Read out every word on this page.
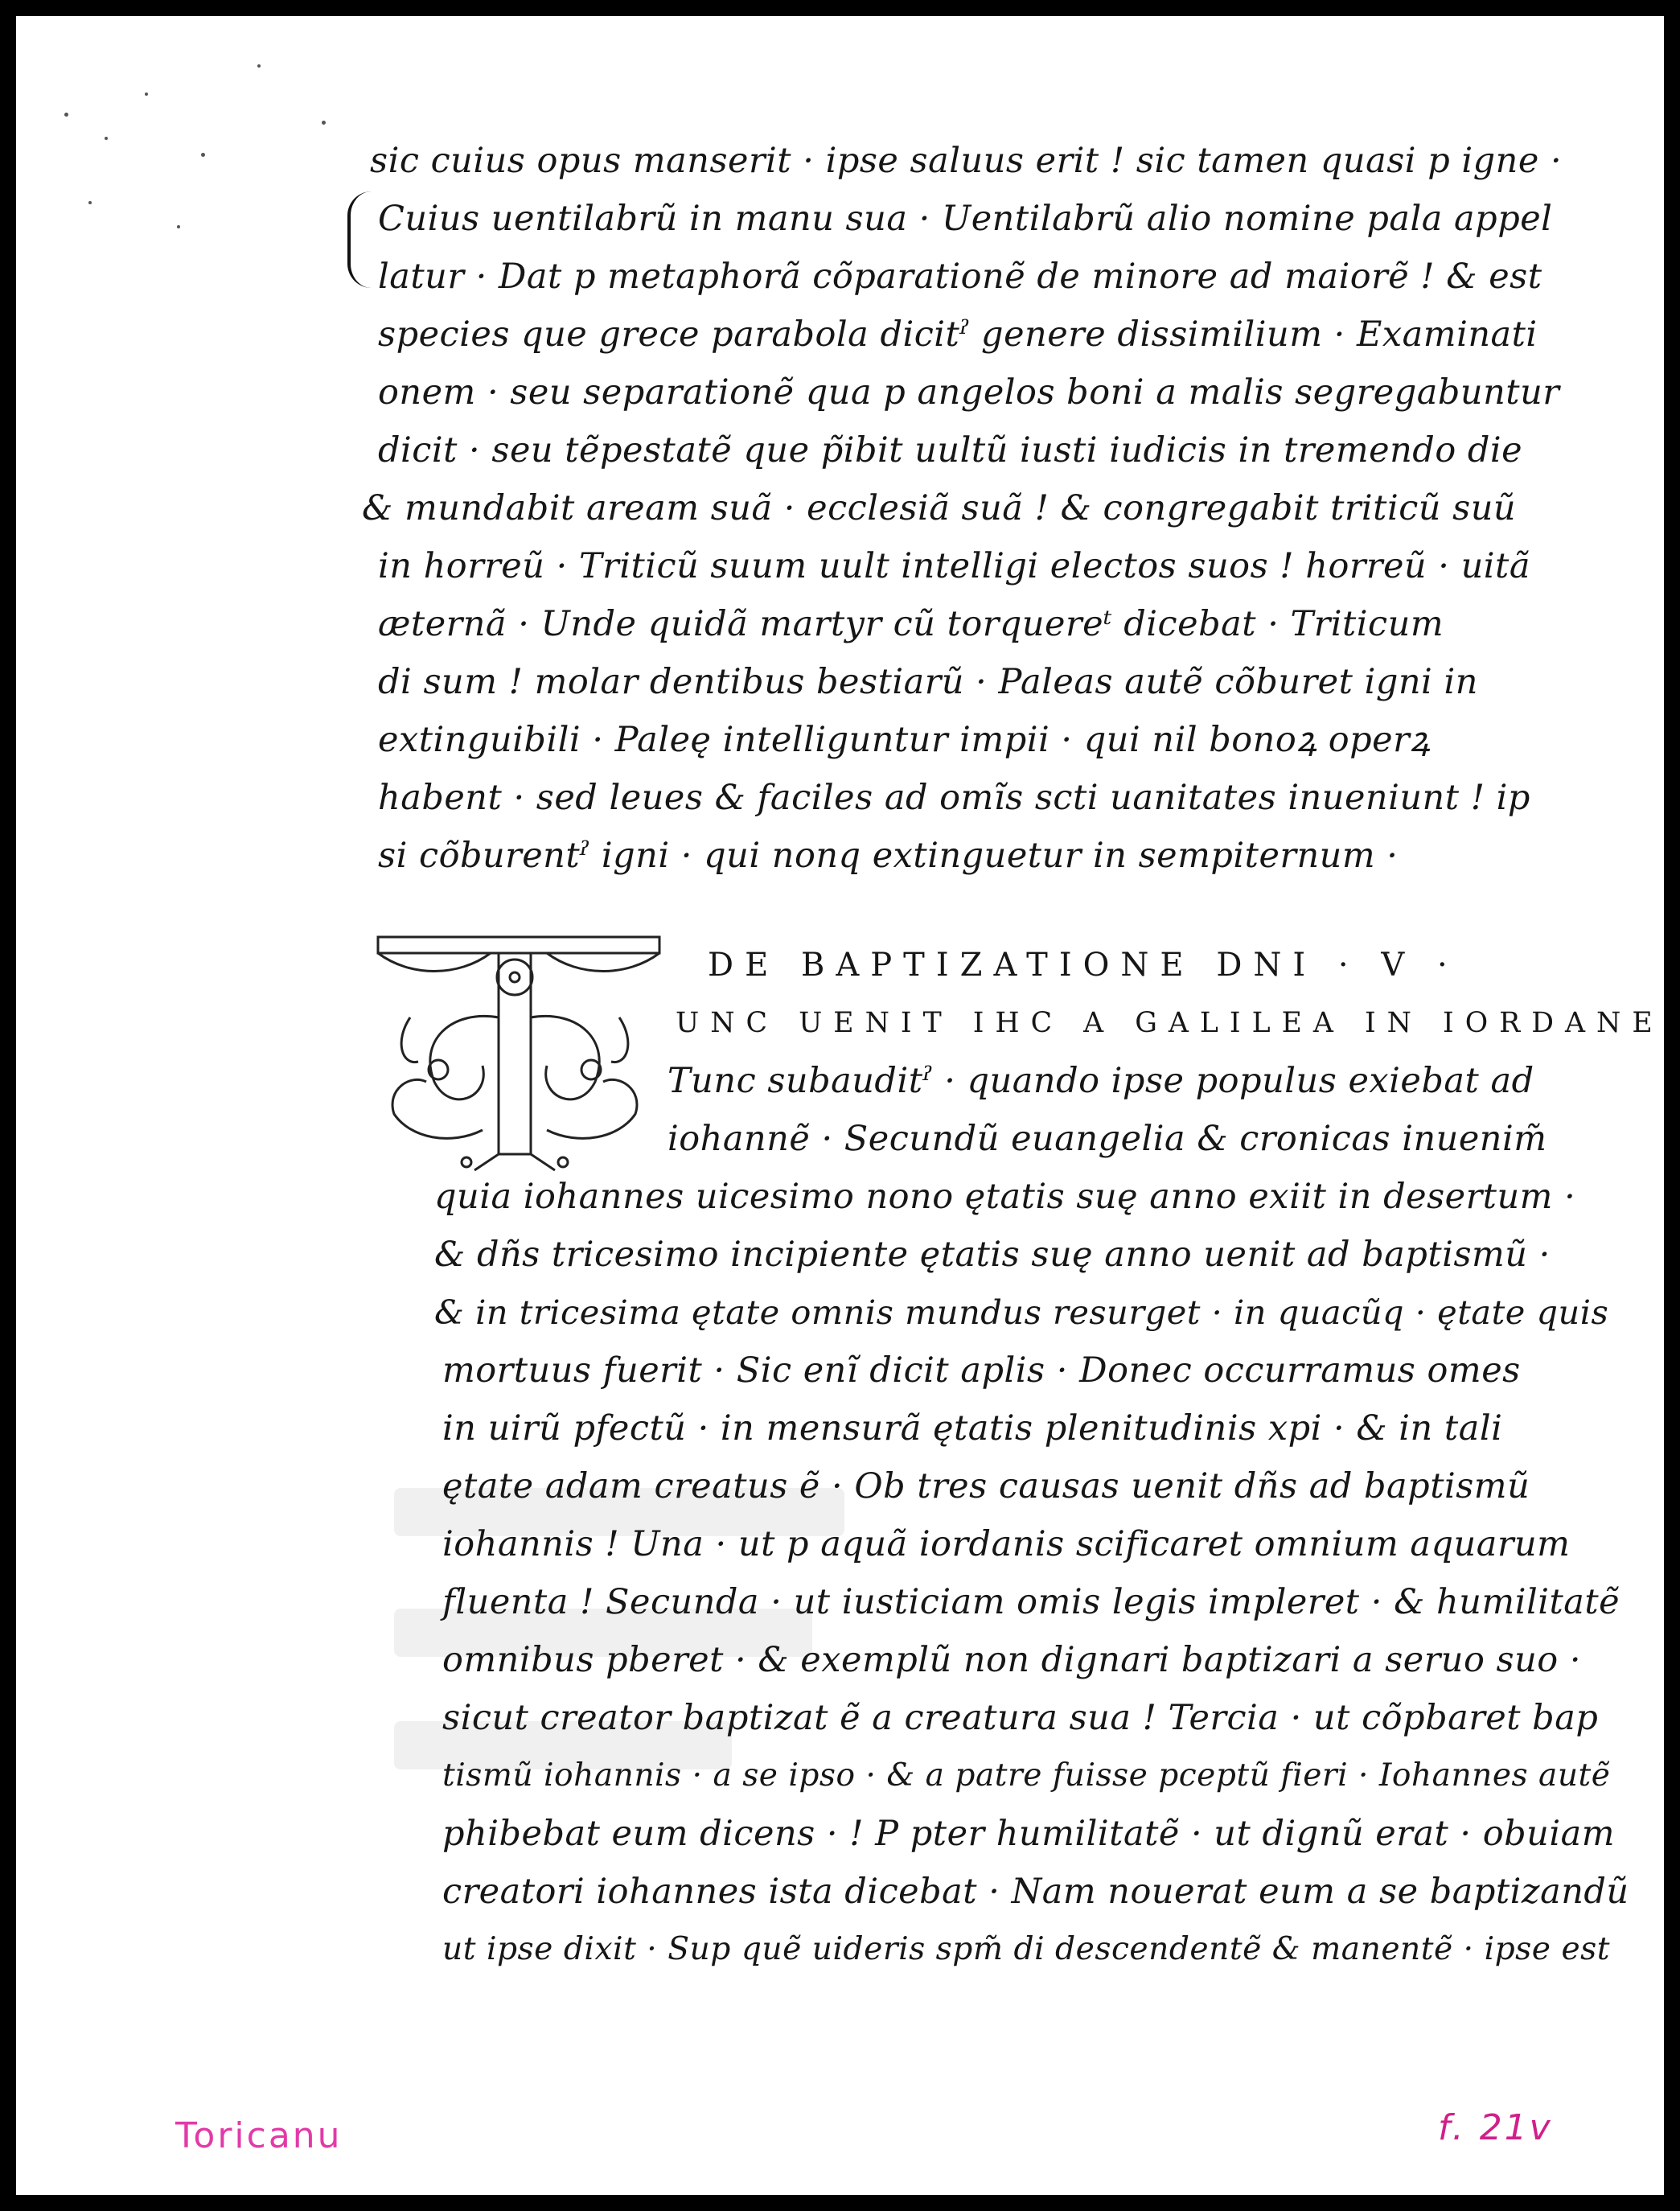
sic cuius opus manserit · ipse saluus erit ! sic tamen quasi p igne ·
Cuius uentilabrũ in manu sua · Uentilabrũ alio nomine pala appel
latur · Dat p metaphorã cõparationẽ de minore ad maiorẽ ! & est
species que grece parabola dicitˀ genere dissimilium · Examinati
onem · seu separationẽ qua p angelos boni a malis segregabuntur
dicit · seu tẽpestatẽ que p̃ibit uultũ iusti iudicis in tremendo die
& mundabit aream suã · ecclesiã suã ! & congregabit triticũ suũ
in horreũ · Triticũ suum uult intelligi electos suos ! horreũ · uitã
æternã · Unde quidã martyr cũ torquereᵗ dicebat · Triticum
di sum ! molar dentibus bestiarũ · Paleas autẽ cõburet igni in
extinguibili · Paleę intelliguntur impii · qui nil bonoꝝ operꝝ
habent · sed leues & faciles ad omĩs scti uanitates inueniunt ! ip
si cõburentˀ igni · qui nonq extinguetur in sempiternum ·
DE BAPTIZATIONE DNI · V ·
UNC UENIT IHC A GALILEA IN IORDANE
Tunc subauditˀ · quando ipse populus exiebat ad
iohannẽ · Secundũ euangelia & cronicas inuenim̃
quia iohannes uicesimo nono ętatis suę anno exiit in desertum ·
& dñs tricesimo incipiente ętatis suę anno uenit ad baptismũ ·
& in tricesima ętate omnis mundus resurget · in quacũq · ętate quis
mortuus fuerit · Sic enĩ dicit aplis · Donec occurramus omes
in uirũ pfectũ · in mensurã ętatis plenitudinis xpi · & in tali
ętate adam creatus ẽ · Ob tres causas uenit dñs ad baptismũ
iohannis ! Una · ut p aquã iordanis scificaret omnium aquarum
fluenta ! Secunda · ut iusticiam omis legis impleret · & humilitatẽ
omnibus pberet · & exemplũ non dignari baptizari a seruo suo ·
sicut creator baptizat ẽ a creatura sua ! Tercia · ut cõpbaret bap
tismũ iohannis · a se ipso · & a patre fuisse pceptũ fieri · Iohannes autẽ
phibebat eum dicens · ! P pter humilitatẽ · ut dignũ erat · obuiam
creatori iohannes ista dicebat · Nam nouerat eum a se baptizandũ
ut ipse dixit · Sup quẽ uideris spm̃ di descendentẽ & manentẽ · ipse est
Toricanu	f. 21v
